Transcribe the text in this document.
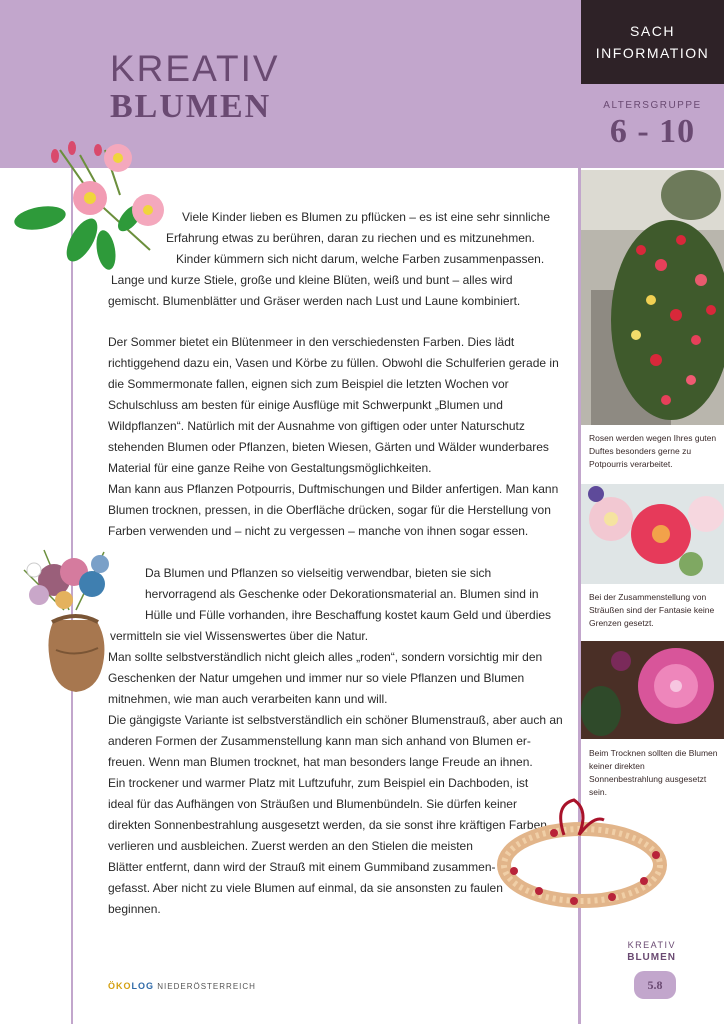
KREATIV
BLUMEN
SACH
INFORMATION
ALTERSGRUPPE
6 - 10

Viele Kinder lieben es Blumen zu pflücken – es ist eine sehr sinnliche

Erfahrung etwas zu berühren, daran zu riechen und es mitzunehmen.

Kinder kümmern sich nicht darum, welche Farben zusammenpassen.

Lange und kurze Stiele, große und kleine Blüten, weiß und bunt – alles wird

gemischt. Blumenblätter und Gräser werden nach Lust und Laune kombiniert.

Der Sommer bietet ein Blütenmeer in den verschiedensten Farben. Dies lädt

richtiggehend dazu ein, Vasen und Körbe zu füllen. Obwohl die Schulferien gerade in

die Sommermonate fallen, eignen sich zum Beispiel die letzten Wochen vor

Schulschluss am besten für einige Ausflüge mit Schwerpunkt „Blumen und

Wildpflanzen“. Natürlich mit der Ausnahme von giftigen oder unter Naturschutz

stehenden Blumen oder Pflanzen, bieten Wiesen, Gärten und Wälder wunderbares

Material für eine ganze Reihe von Gestaltungsmöglichkeiten.

Man kann aus Pflanzen Potpourris, Duftmischungen und Bilder anfertigen. Man kann

Blumen trocknen, pressen, in die Oberfläche drücken, sogar für die Herstellung von

Farben verwenden und – nicht zu vergessen – manche von ihnen sogar essen.

Da Blumen und Pflanzen so vielseitig verwendbar, bieten sie sich

hervorragend als Geschenke oder Dekorationsmaterial an. Blumen sind in

Hülle und Fülle vorhanden, ihre Beschaffung kostet kaum Geld und überdies

vermitteln sie viel Wissenswertes über die Natur.

Man sollte selbstverständlich nicht gleich alles „roden“, sondern vorsichtig mir den

Geschenken der Natur umgehen und immer nur so viele Pflanzen und Blumen

mitnehmen, wie man auch verarbeiten kann und will.

Die gängigste Variante ist selbstverständlich ein schöner Blumenstrauß, aber auch an

anderen Formen der Zusammenstellung kann man sich anhand von Blumen er-

freuen. Wenn man Blumen trocknet, hat man besonders lange Freude an ihnen.

Ein trockener und warmer Platz mit Luftzufuhr, zum Beispiel ein Dachboden, ist

ideal für das Aufhängen von Sträußen und Blumenbündeln. Sie dürfen keiner

direkten Sonnenbestrahlung ausgesetzt werden, da sie sonst ihre kräftigen Farben

verlieren und ausbleichen. Zuerst werden an den Stielen die meisten

Blätter entfernt, dann wird der Strauß mit einem Gummiband zusammen-

gefasst. Aber nicht zu viele Blumen auf einmal, da sie ansonsten zu faulen

beginnen.

Rosen werden wegen Ihres guten Duftes besonders gerne zu Potpourris verarbeitet.
Bei der Zusammenstellung von Sträußen sind der Fantasie keine Grenzen gesetzt.
Beim Trocknen sollten die Blumen keiner direkten Sonnenbestrahlung ausgesetzt sein.
ÖKOLOG NIEDERÖSTERREICH
KREATIV
BLUMEN
5.8
